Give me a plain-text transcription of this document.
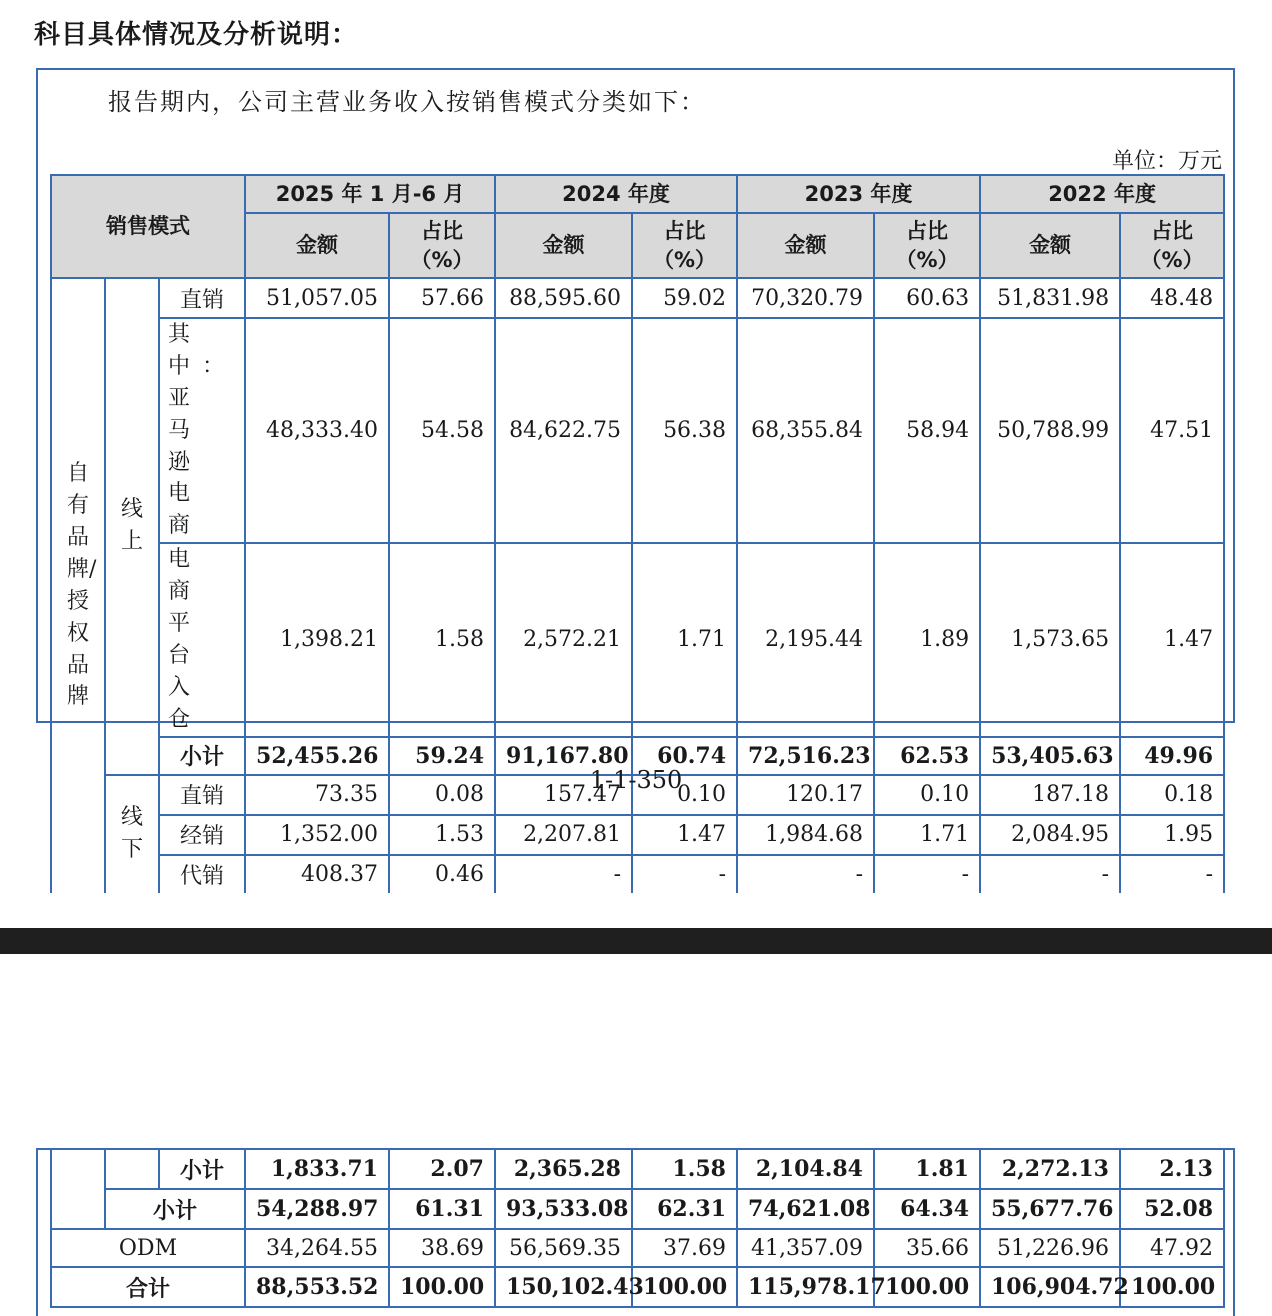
科目具体情况及分析说明：

报告期内，公司主营业务收入按销售模式分类如下：

单位：万元

销售模式			2025 年 1 月-6 月		2024 年度		2023 年度		2022 年度	
			金额	占比（%）	金额	占比（%）	金额	占比（%）	金额	占比（%）
自有品牌/授权品牌	线上	直销	51,057.05	57.66	88,595.60	59.02	70,320.79	60.63	51,831.98	48.48

		其中：亚马逊电商	48,333.40	54.58	84,622.75	56.38	68,355.84	58.94	50,788.99	47.51

		电商平台入仓	1,398.21	1.58	2,572.21	1.71	2,195.44	1.89	1,573.65	1.47
		小计	52,455.26	59.24	91,167.80	60.74	72,516.23	62.53	53,405.63	49.96
	线下	直销	73.35	0.08	157.47	0.10	120.17	0.10	187.18	0.18
		经销	1,352.00	1.53	2,207.81	1.47	1,984.68	1.71	2,084.95	1.95
		代销	408.37	0.46	-	-	-	-	-	-

1-1-350

		小计	1,833.71	2.07	2,365.28	1.58	2,104.84	1.81	2,272.13	2.13
	小计		54,288.97	61.31	93,533.08	62.31	74,621.08	64.34	55,677.76	52.08
ODM			34,264.55	38.69	56,569.35	37.69	41,357.09	35.66	51,226.96	47.92
合计			88,553.52	100.00	150,102.43	100.00	115,978.17	100.00	106,904.72	100.00
